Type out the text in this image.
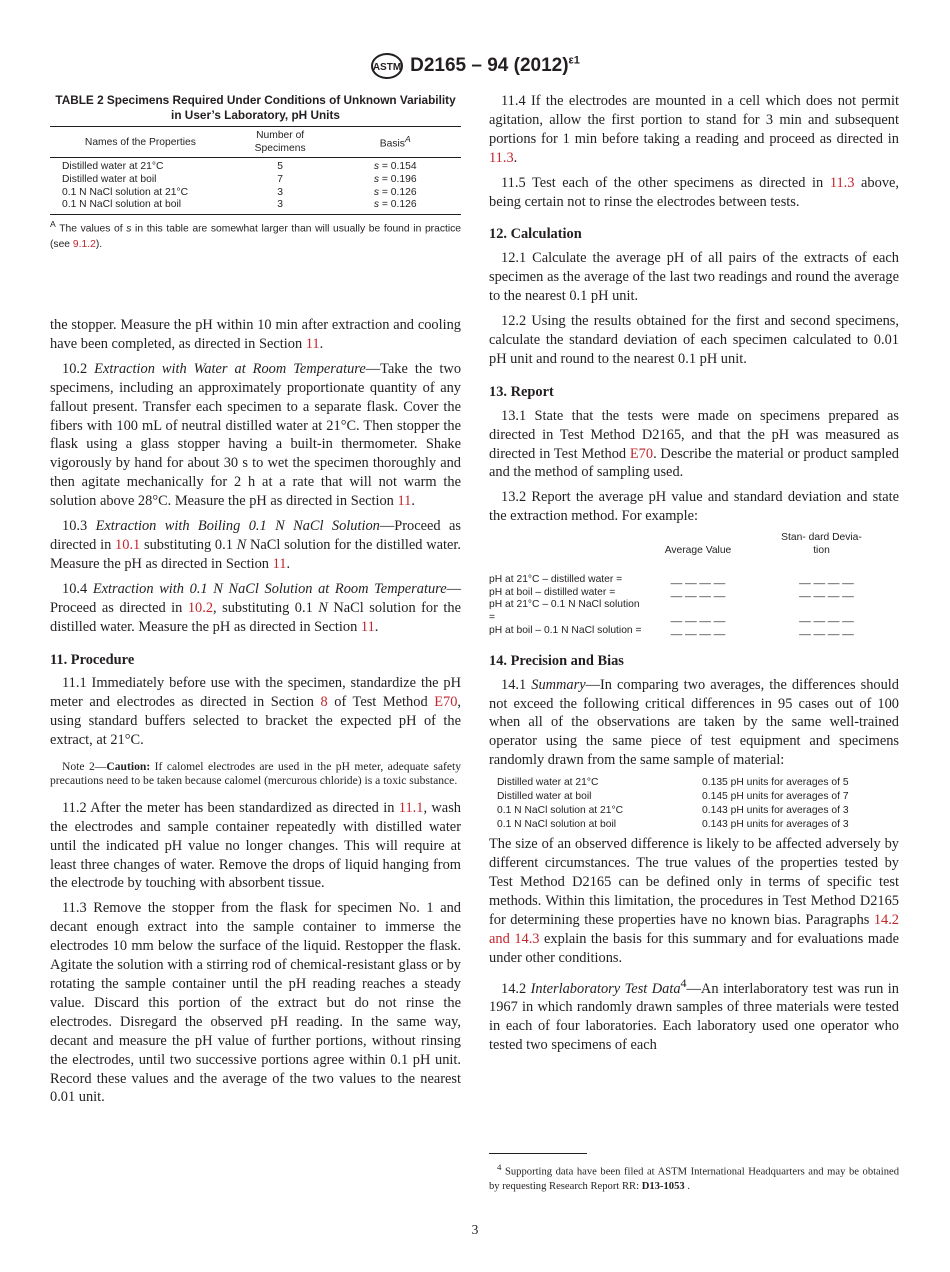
ASTM D2165 – 94 $(2012)^{\varepsilon 1}$
TABLE 2 Specimens Required Under Conditions of Unknown Variability in User’s Laboratory, pH Units
Names of the Properties	Number of Specimens	Basis$^A$
Distilled water at 21°C	5	s = 0.154
Distilled water at boil	7	s = 0.196
0.1 N NaCl solution at 21°C	3	s = 0.126
0.1 N NaCl solution at boil	3	s = 0.126
$^A$ The values of s in this table are somewhat larger than will usually be found in practice (see 9.1.2).

the stopper. Measure the pH within 10 min after extraction and cooling have been completed, as directed in Section 11.

10.2 Extraction with Water at Room Temperature—Take the two specimens, including an approximately proportionate quantity of any fallout present. Transfer each specimen to a separate flask. Cover the fibers with 100 mL of neutral distilled water at 21°C. Then stopper the flask using a glass stopper having a built-in thermometer. Shake vigorously by hand for about 30 s to wet the specimen thoroughly and then agitate mechanically for 2 h at a rate that will not warm the solution above 28°C. Measure the pH as directed in Section 11.

10.3 Extraction with Boiling 0.1 N NaCl Solution—Proceed as directed in 10.1 substituting 0.1 N NaCl solution for the distilled water. Measure the pH as directed in Section 11.

10.4 Extraction with 0.1 N NaCl Solution at Room Temperature—Proceed as directed in 10.2, substituting 0.1 N NaCl solution for the distilled water. Measure the pH as directed in Section 11.

11. Procedure

11.1 Immediately before use with the specimen, standardize the pH meter and electrodes as directed in Section 8 of Test Method E70, using standard buffers selected to bracket the expected pH of the extract, at 21°C.

Note 2—Caution: If calomel electrodes are used in the pH meter, adequate safety precautions need to be taken because calomel (mercurous chloride) is a toxic substance.

11.2 After the meter has been standardized as directed in 11.1, wash the electrodes and sample container repeatedly with distilled water until the indicated pH value no longer changes. This will require at least three changes of water. Remove the drops of liquid hanging from the electrode by touching with absorbent tissue.

11.3 Remove the stopper from the flask for specimen No. 1 and decant enough extract into the sample container to immerse the electrodes 10 mm below the surface of the liquid. Restopper the flask. Agitate the solution with a stirring rod of chemical-resistant glass or by rotating the sample container until the pH reading reaches a steady value. Discard this portion of the extract but do not rinse the electrodes. Disregard the observed pH reading. In the same way, decant and measure the pH value of further portions, without rinsing the electrodes, until two successive portions agree within 0.1 pH unit. Record these values and the average of the two values to the nearest 0.01 unit.

11.4 If the electrodes are mounted in a cell which does not permit agitation, allow the first portion to stand for 3 min and subsequent portions for 1 min before taking a reading and proceed as directed in 11.3.

11.5 Test each of the other specimens as directed in 11.3 above, being certain not to rinse the electrodes between tests.

12. Calculation

12.1 Calculate the average pH of all pairs of the extracts of each specimen as the average of the last two readings and round the average to the nearest 0.1 pH unit.

12.2 Using the results obtained for the first and second specimens, calculate the standard deviation of each specimen calculated to 0.01 pH unit and round to the nearest 0.1 pH unit.

13. Report

13.1 State that the tests were made on specimens prepared as directed in Test Method D2165, and that the pH was measured as directed in Test Method E70. Describe the material or product sampled and the method of sampling used.

13.2 Report the average pH value and standard deviation and state the extraction method. For example:

	Average Value	Stan- dard Devia- tion
pH at 21°C – distilled water =	__ __ __ __	__ __ __ __
pH at boil – distilled water =	__ __ __ __	__ __ __ __
pH at 21°C – 0.1 N NaCl solution =	__ __ __ __	__ __ __ __
pH at boil – 0.1 N NaCl solution =	__ __ __ __	__ __ __ __
14. Precision and Bias

14.1 Summary—In comparing two averages, the differences should not exceed the following critical differences in 95 cases out of 100 when all of the observations are taken by the same well-trained operator using the same piece of test equipment and specimens randomly drawn from the same sample of material:

Distilled water at 21°C	0.135 pH units for averages of 5
Distilled water at boil	0.145 pH units for averages of 7
0.1 N NaCl solution at 21°C	0.143 pH units for averages of 3
0.1 N NaCl solution at boil	0.143 pH units for averages of 3

The size of an observed difference is likely to be affected adversely by different circumstances. The true values of the properties tested by Test Method D2165 can be defined only in terms of specific test methods. Within this limitation, the procedures in Test Method D2165 for determining these properties have no known bias. Paragraphs 14.2 and 14.3 explain the basis for this summary and for evaluations made under other conditions.

14.2 Interlaboratory Test Data$^4$—An interlaboratory test was run in 1967 in which randomly drawn samples of three materials were tested in each of four laboratories. Each laboratory used one operator who tested two specimens of each

$^4$ Supporting data have been filed at ASTM International Headquarters and may be obtained by requesting Research Report RR: D13-1053 .
3
